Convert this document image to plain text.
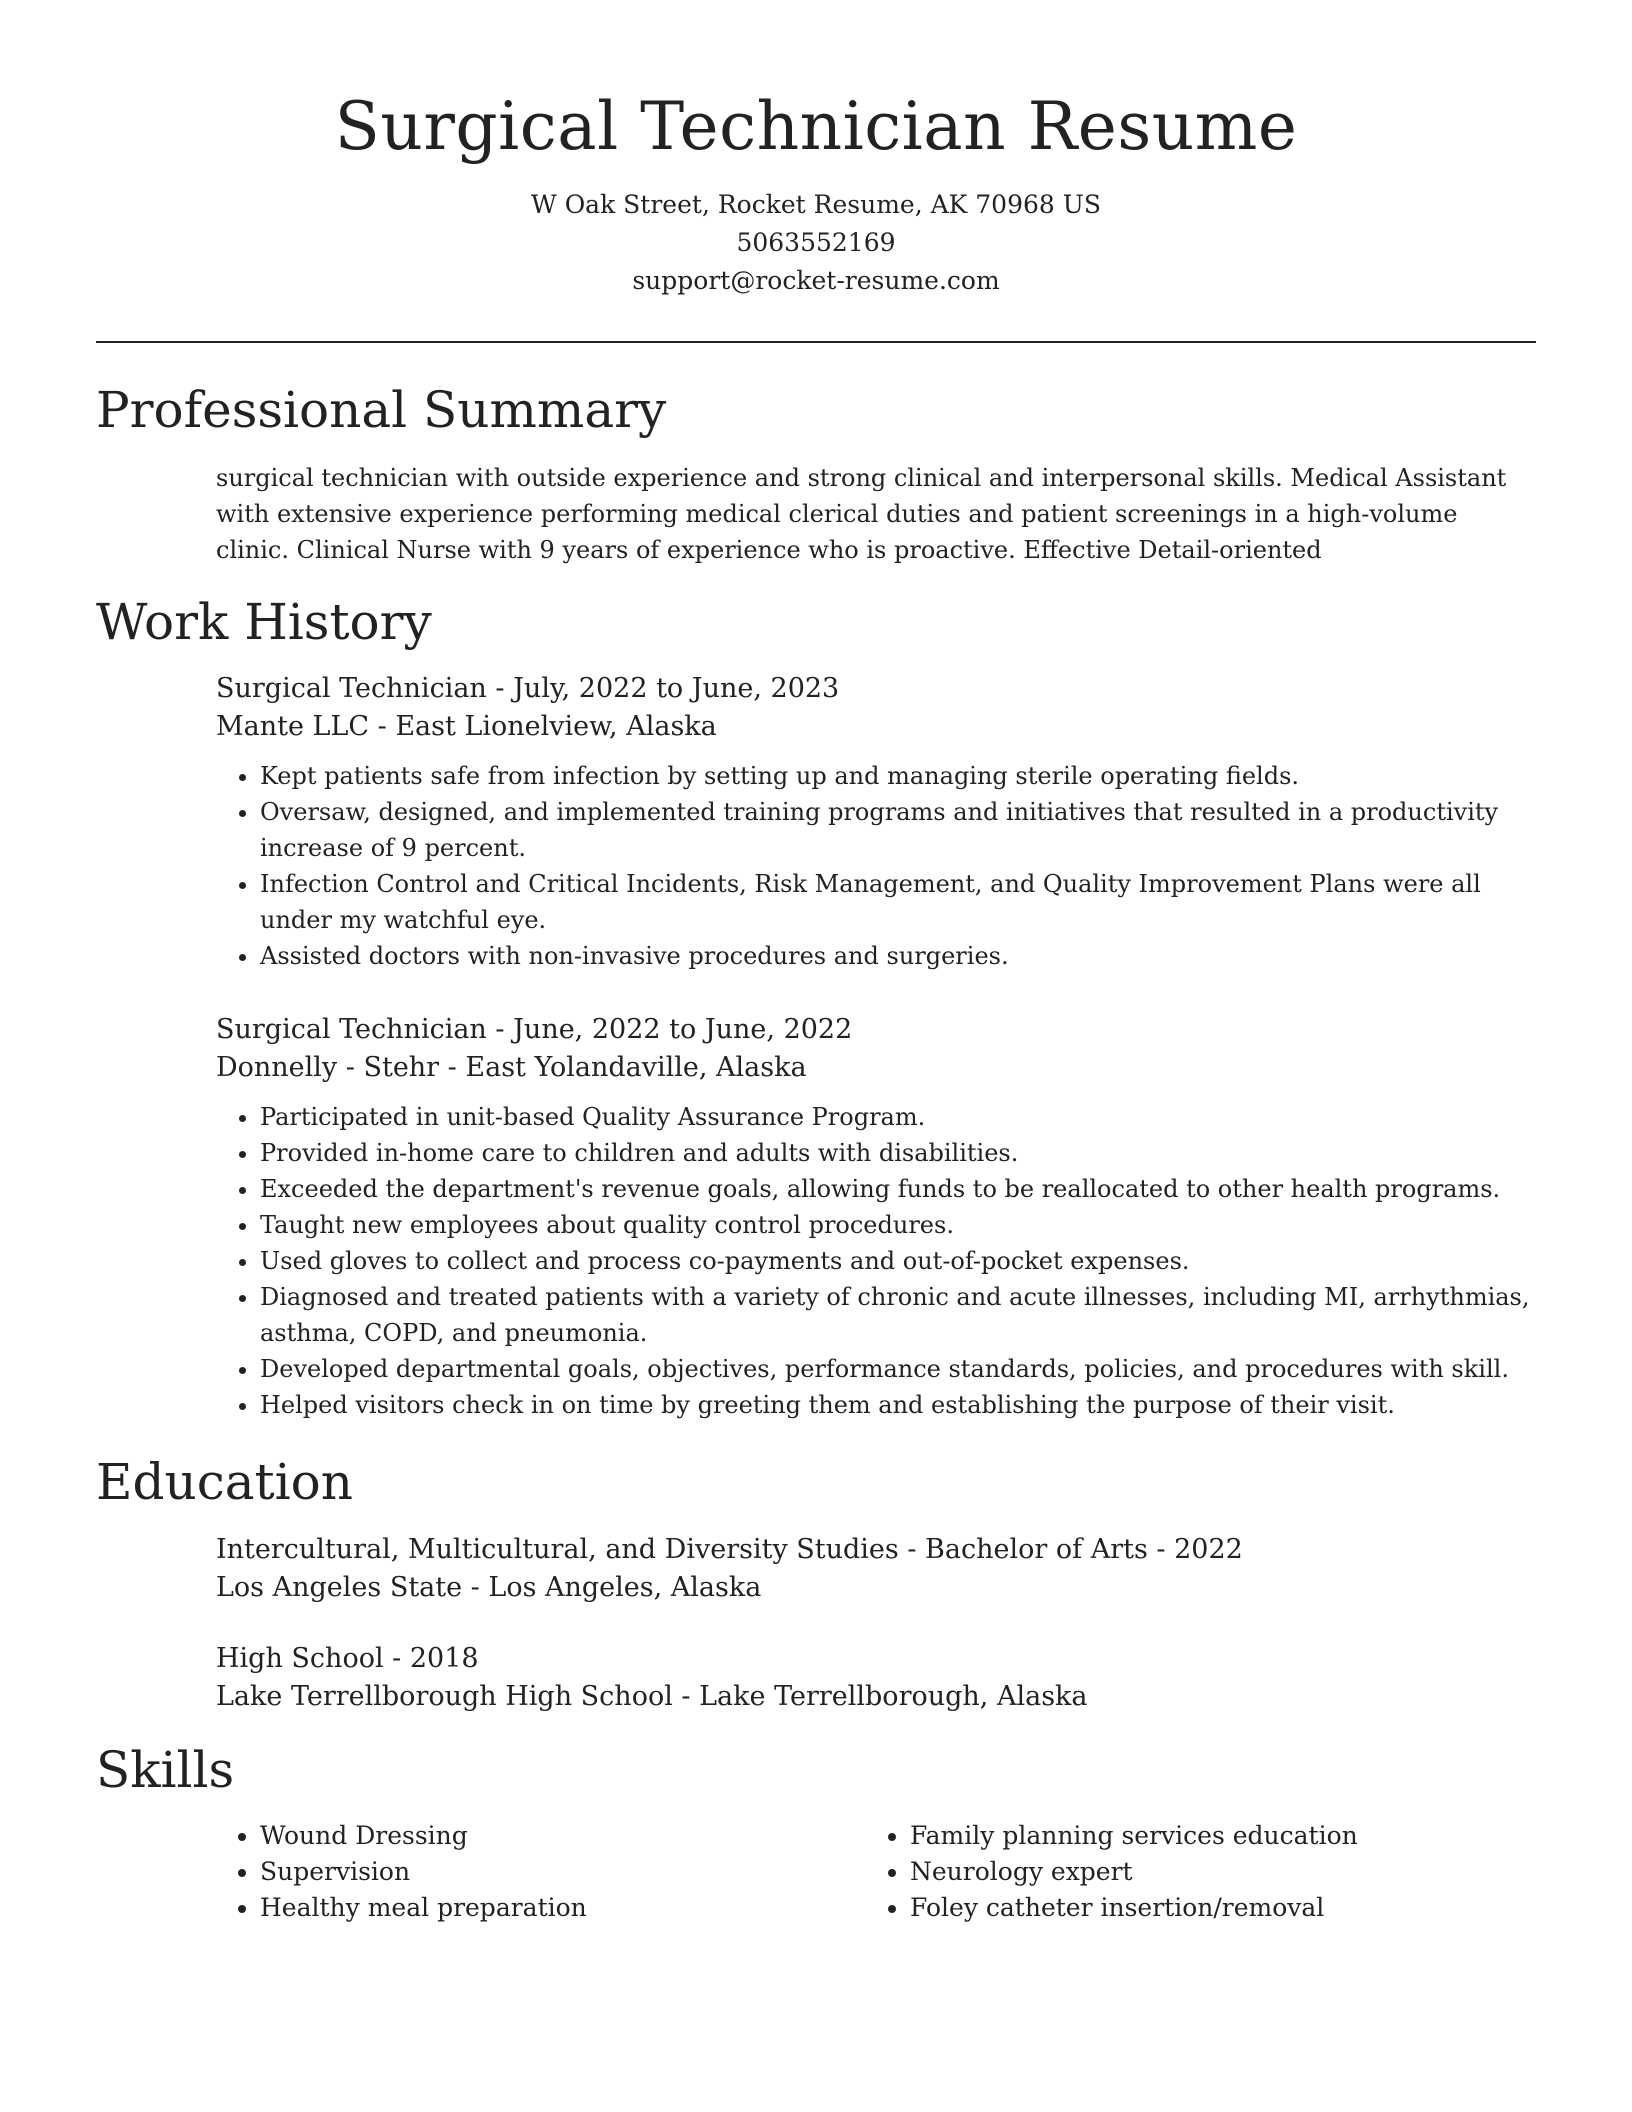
Surgical Technician Resume
W Oak Street, Rocket Resume, AK 70968 US
5063552169
support@rocket-resume.com
Professional Summary

surgical technician with outside experience and strong clinical and interpersonal skills. Medical Assistant with extensive experience performing medical clerical duties and patient screenings in a high-volume clinic. Clinical Nurse with 9 years of experience who is proactive. Effective Detail-oriented

Work History

Surgical Technician - July, 2022 to June, 2023

Mante LLC - East Lionelview, Alaska

• Kept patients safe from infection by setting up and managing sterile operating fields.
• Oversaw, designed, and implemented training programs and initiatives that resulted in a productivity increase of 9 percent.
• Infection Control and Critical Incidents, Risk Management, and Quality Improvement Plans were all under my watchful eye.
• Assisted doctors with non-invasive procedures and surgeries.

Surgical Technician - June, 2022 to June, 2022

Donnelly - Stehr - East Yolandaville, Alaska

• Participated in unit-based Quality Assurance Program.
• Provided in-home care to children and adults with disabilities.
• Exceeded the department's revenue goals, allowing funds to be reallocated to other health programs.
• Taught new employees about quality control procedures.
• Used gloves to collect and process co-payments and out-of-pocket expenses.
• Diagnosed and treated patients with a variety of chronic and acute illnesses, including MI, arrhythmias, asthma, COPD, and pneumonia.
• Developed departmental goals, objectives, performance standards, policies, and procedures with skill.
• Helped visitors check in on time by greeting them and establishing the purpose of their visit.
Education

Intercultural, Multicultural, and Diversity Studies - Bachelor of Arts - 2022

Los Angeles State - Los Angeles, Alaska

High School - 2018

Lake Terrellborough High School - Lake Terrellborough, Alaska

Skills
• Wound Dressing
• Supervision
• Healthy meal preparation
• Family planning services education
• Neurology expert
• Foley catheter insertion/removal
